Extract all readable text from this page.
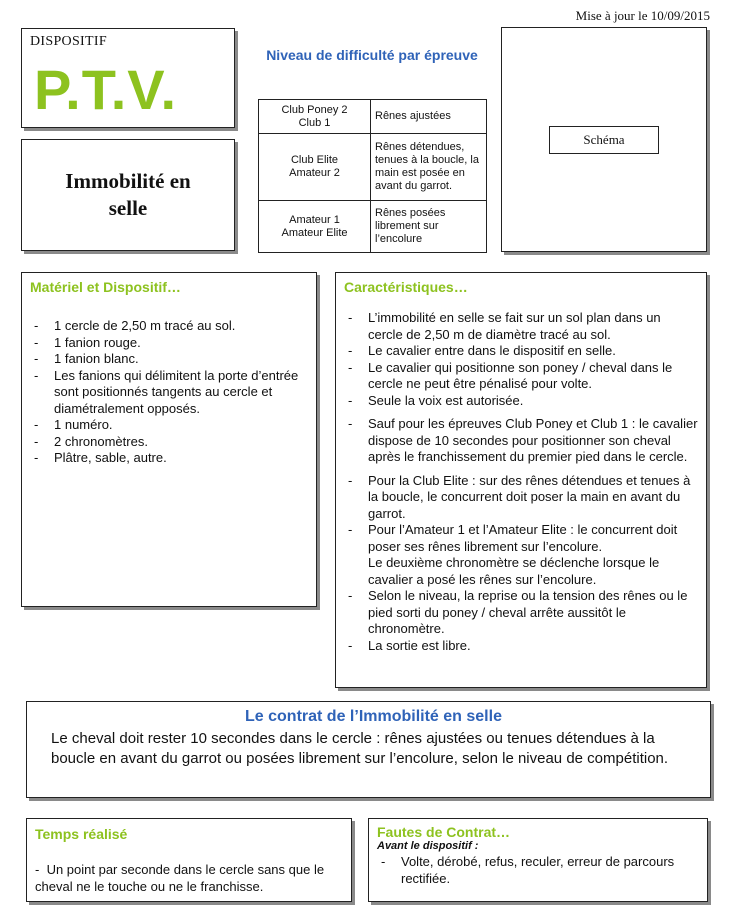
Mise à jour le 10/09/2015
DISPOSITIF
P.T.V.
Immobilité en
selle
Niveau de difficulté par épreuve
Club Poney 2
Club 1	Rênes ajustées

Club Elite
Amateur 2	Rênes détendues, tenues à la boucle, la main est posée en avant du garrot.

Amateur 1
Amateur Elite	Rênes posées librement sur l’encolure
Schéma
Matériel et Dispositif…
- 1 cercle de 2,50 m tracé au sol.
- 1 fanion rouge.
- 1 fanion blanc.
- Les fanions qui délimitent la porte d’entrée sont positionnés tangents au cercle et diamétralement opposés.
- 1 numéro.
- 2 chronomètres.
- Plâtre, sable, autre.
Caractéristiques…
- L’immobilité en selle se fait sur un sol plan dans un cercle de 2,50 m de diamètre tracé au sol.
- Le cavalier entre dans le dispositif en selle.
- Le cavalier qui positionne son poney / cheval dans le cercle ne peut être pénalisé pour volte.
- Seule la voix est autorisée.
- Sauf pour les épreuves Club Poney et Club 1 : le cavalier dispose de 10 secondes pour positionner son cheval après le franchissement du premier pied dans le cercle.
- Pour la Club Elite : sur des rênes détendues et tenues à la boucle, le concurrent doit poser la main en avant du garrot.
- Pour l’Amateur 1 et l’Amateur Elite : le concurrent doit poser ses rênes librement sur l’encolure.
Le deuxième chronomètre se déclenche lorsque le cavalier a posé les rênes sur l’encolure.
- Selon le niveau, la reprise ou la tension des rênes ou le pied sorti du poney / cheval arrête aussitôt le chronomètre.
- La sortie est libre.
Le contrat de l’Immobilité en selle
Le cheval doit rester 10 secondes dans le cercle : rênes ajustées ou tenues détendues à la boucle en avant du garrot ou posées librement sur l’encolure, selon le niveau de compétition.
Temps réalisé
-  Un point par seconde dans le cercle sans que le cheval ne le touche ou ne le franchisse.
Fautes de Contrat…
Avant le dispositif :
- Volte, dérobé, refus, reculer, erreur de parcours rectifiée.
